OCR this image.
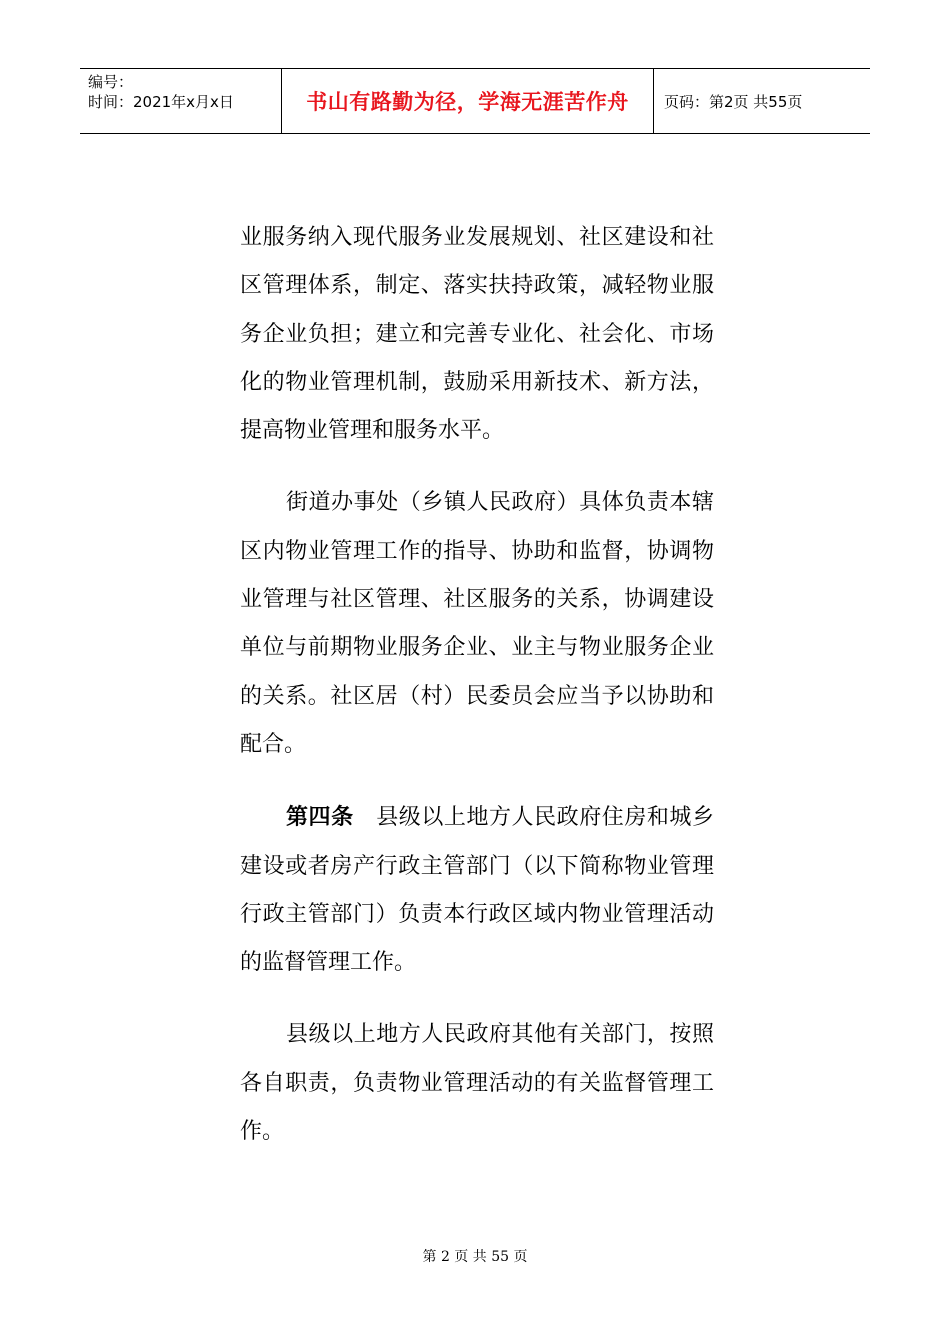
编号：
时间：2021年x月x日	书山有路勤为径，学海无涯苦作舟	页码：第2页 共55页

业服务纳入现代服务业发展规划、社区建设和社区管理体系，制定、落实扶持政策，减轻物业服务企业负担；建立和完善专业化、社会化、市场化的物业管理机制，鼓励采用新技术、新方法，提高物业管理和服务水平。

街道办事处（乡镇人民政府）具体负责本辖区内物业管理工作的指导、协助和监督，协调物业管理与社区管理、社区服务的关系，协调建设单位与前期物业服务企业、业主与物业服务企业的关系。社区居（村）民委员会应当予以协助和配合。

第四条　县级以上地方人民政府住房和城乡建设或者房产行政主管部门（以下简称物业管理行政主管部门）负责本行政区域内物业管理活动的监督管理工作。

县级以上地方人民政府其他有关部门，按照各自职责，负责物业管理活动的有关监督管理工作。

第 2 页 共 55 页
